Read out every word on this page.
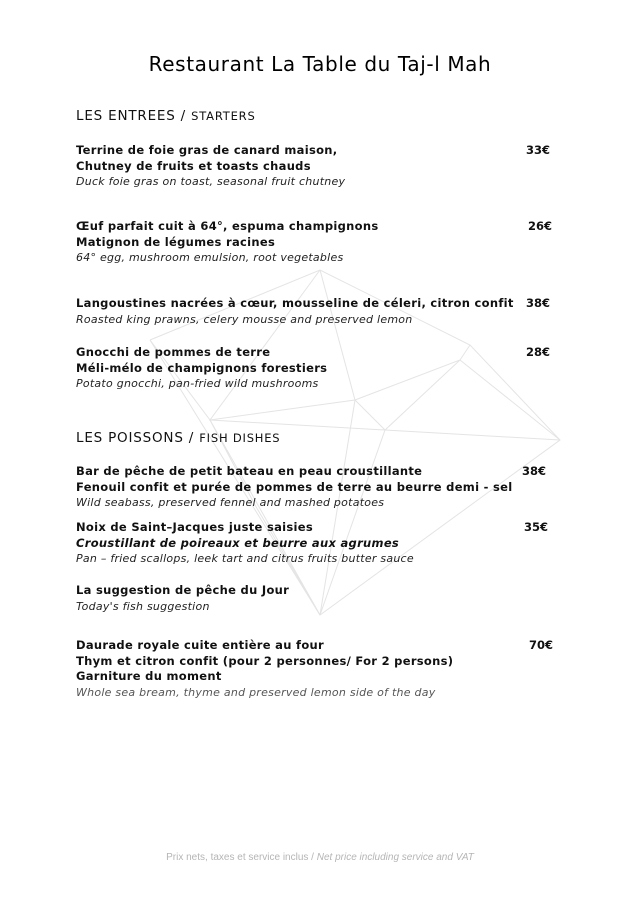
Restaurant La Table du Taj-l Mah
LES ENTREES / STARTERS
Terrine de foie gras de canard maison,
Chutney de fruits et toasts chauds
Duck foie gras on toast, seasonal fruit chutney
33€
Œuf parfait cuit à 64°, espuma champignons
Matignon de légumes racines
64° egg, mushroom emulsion, root vegetables
26€
Langoustines nacrées à cœur, mousseline de céleri, citron confit
Roasted king prawns, celery mousse and preserved lemon
38€
Gnocchi de pommes de terre
Méli-mélo de champignons forestiers
Potato gnocchi, pan-fried wild mushrooms
28€
LES POISSONS / FISH DISHES
Bar de pêche de petit bateau en peau croustillante
Fenouil confit et purée de pommes de terre au beurre demi - sel
Wild seabass, preserved fennel and mashed potatoes
38€
Noix de Saint–Jacques juste saisies
Croustillant de poireaux et beurre aux agrumes
Pan – fried scallops, leek tart and citrus fruits butter sauce
35€
La suggestion de pêche du Jour
Today's fish suggestion
Daurade royale cuite entière au four
Thym et citron confit (pour 2 personnes/ For 2 persons)
Garniture du moment
Whole sea bream, thyme and preserved lemon side of the day
70€
Prix nets, taxes et service inclus / Net price including service and VAT
